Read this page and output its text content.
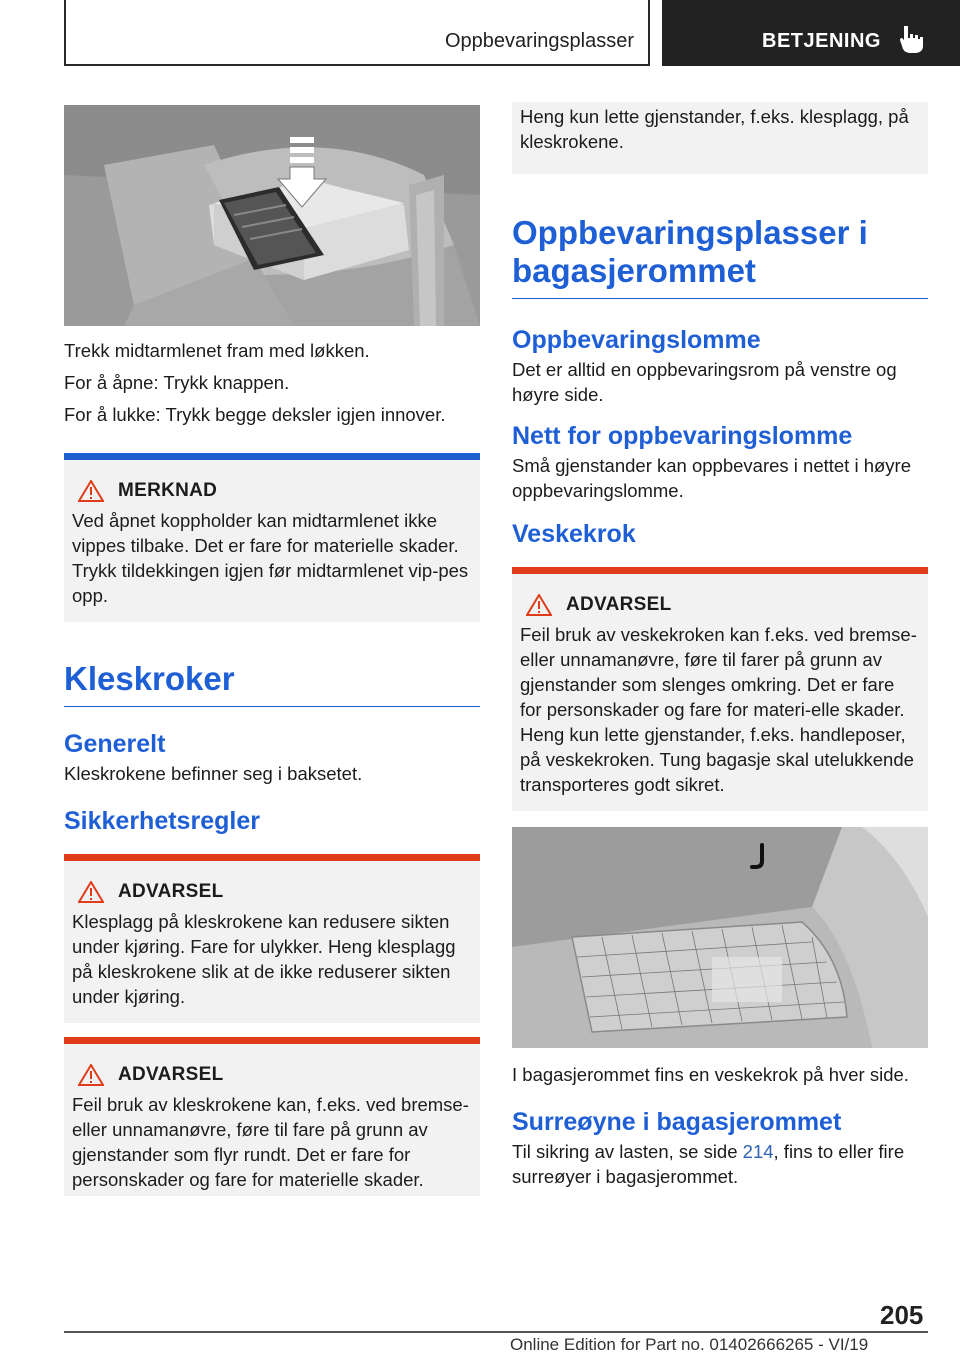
Oppbevaringsplasser	BETJENING

Trekk midtarmlenet fram med løkken.

For å åpne: Trykk knappen.

For å lukke: Trykk begge deksler igjen innover.

MERKNAD

Ved åpnet koppholder kan midtarmlenet ikke vippes tilbake. Det er fare for materielle skader. Trykk tildekkingen igjen før midtarmlenet vip-pes opp.

Kleskroker
Generelt

Kleskrokene befinner seg i baksetet.

Sikkerhetsregler
ADVARSEL

Klesplagg på kleskrokene kan redusere sikten under kjøring. Fare for ulykker. Heng klesplagg på kleskrokene slik at de ikke reduserer sikten under kjøring.

ADVARSEL

Feil bruk av kleskrokene kan, f.eks. ved bremse- eller unnamanøvre, føre til fare på grunn av gjenstander som flyr rundt. Det er fare for personskader og fare for materielle skader.

Heng kun lette gjenstander, f.eks. klesplagg, på kleskrokene.

Oppbevaringsplasser i bagasjerommet
Oppbevaringslomme

Det er alltid en oppbevaringsrom på venstre og høyre side.

Nett for oppbevaringslomme

Små gjenstander kan oppbevares i nettet i høyre oppbevaringslomme.

Veskekrok
ADVARSEL

Feil bruk av veskekroken kan f.eks. ved bremse- eller unnamanøvre, føre til farer på grunn av gjenstander som slenges omkring. Det er fare for personskader og fare for materi-elle skader. Heng kun lette gjenstander, f.eks. handleposer, på veskekroken. Tung bagasje skal utelukkende transporteres godt sikret.

I bagasjerommet fins en veskekrok på hver side.

Surreøyne i bagasjerommet

Til sikring av lasten, se side 214, fins to eller fire surreøyer i bagasjerommet.

205
Online Edition for Part no. 01402666265 - VI/19
